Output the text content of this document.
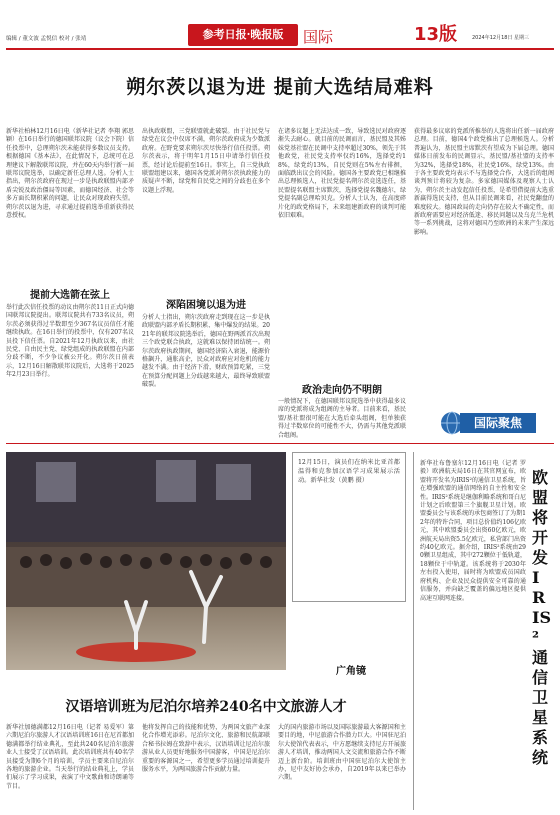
编辑 / 董文波 孟悦信 校对 / 张靖	参考日报·晚报版	国际	13版	2024年12月18日 星期三
朔尔茨以退为进 提前大选结局难料
新华社柏林12月16日电（新华社记者 李翔 郭思颖）在16日举行的德国联邦议院（议会下院）信任投票中，总理朔尔茨未能获得多数议员支持。根据德国《基本法》，在此情况下，总统可在总理建议下解散联邦议院，并在60天内举行新一届联邦议院选举，以确定新任总理人选。分析人士指出，朔尔茨政府在现过一步是执政联盟内部矛盾尖锐及政治僵局等因素，而德国经济、社会等多方面长期积累的问题，让民众对现政府失望。朔尔茨以退为进，寻求通过提前选举重新获得民意授权。
提前大选箭在弦上
举行此次信任投票的动议由朔尔茨11日正式向德国联邦议院提出。联邦议院共有733名议员，朔尔茨必须获得过半数即至少367名议员信任才能继续执政。在16日举行的投票中，仅有207名议员投下信任票。自2021年12月执政以来，由社民党、自由民主党、绿党组成的执政联盟在内部分歧不断，不少争议被公开化。朔尔茨日前表示，12月16日解散联邦议院后，大选将于2025年2月23日举行。
出执政联盟，三党联盟就此破裂。由于社民党与绿党在议会中仅席不满，朔尔茨政府成为少数派政府。在野党要求朔尔茨尽快举行信任投票。朔尔茨表示，将于明年1月15日申请举行信任投票，经讨论后提前至16日。事实上，自三党执政联盟组建以来，德国各党派对朔尔茨执政能力的质疑声不断，绿党和自民党之间的分歧也在多个议题上浮现。
深陷困境以退为进
分析人士指出，朔尔茨政府走到现在这一步是执政联盟内部矛盾长期积累、集中爆发的结果。2021年的联邦议院选举后，德国在野两派首次出现三个政党联合执政，这就难以保持团结统一。朔尔茨政府执政期间，德国经济陷入衰退，能源价格飙升，通胀高企，民众对政府应对危机的能力越发不满。由于经济下滑，财政预算吃紧，三党在预算分配问题上分歧越来越大，最终导致联盟破裂。
在诸多议题上无法达成一致，导致选民对政府逐渐失去耐心。就目前的民调而言，基民盟及其姊妹党基社盟在民调中支持率超过30%，领先于其他政党，社民党支持率仅约16%，选择党约18%，绿党约13%，自民党则在5%左右徘徊，面临跌出议会的风险。德国各主要政党已相继推出总理候选人，社民党提名朔尔茨竞选连任，基民盟提名联盟主席默茨，选择党提名魏德尔，绿党提名副总理哈贝克。分析人士认为，在高度碎片化的政党格局下，未来组建新政府的谈判可能依旧艰难。
政治走向仍不明朗
一般情况下，在德国联邦议院选举中获得最多议席的党派将成为组阁的主导者。目前来看，基民盟/基社盟很可能在大选后牵头组阁，但单独获得过半数席位的可能性不大，仍需与其他党派联合组阁。
获得最多议席的党派所推举的人选将出任新一届政府总理。目前，德国4个政党推出了总理候选人。分析普遍认为，基民盟主席默茨有望成为下届总理。德国媒体日前发布的民调显示，基民盟/基社盟的支持率为32%，选择党18%，社民党16%，绿党13%。由于各主要政党均表示不与选择党合作，大选后的组阁谈判预计将较为复杂。多家德国媒体及观察人士认为，朔尔茨主动发起信任投票，是希望借提前大选重新赢得选民支持，但从目前民调来看，社民党翻盘的难度较大。德国政局的走向仍存在较大不确定性，而新政府需要应对经济低迷、移民问题以及乌克兰危机等一系列挑战，这将对德国乃至欧洲的未来产生深远影响。
国际聚焦
12月15日，演员们在纳米比亚首都温得和克参加汉语学习成果展示活动。新华社发（黄鹏 摄）
广角镜
新华社布鲁塞尔12月16日电（记者 罗毅）欧洲航天局16日在其官网宣布，欧盟将开发名为IRIS²的通信卫星系统，旨在增强欧盟的通信网络的自主性和安全性。IRIS²系统是继伽利略系统和哥白尼计划之后欧盟第三个旗舰卫星计划。欧盟委员会与该系统的承包商签订了为期12年的特许合同，项目总价值约106亿欧元，其中欧盟委员会出资60亿欧元，欧洲航天局出资5.5亿欧元，私营部门出资约40亿欧元。据介绍，IRIS²系统由290颗卫星组成，其中272颗位于低轨道，18颗位于中轨道。该系统将于2030年左右投入使用，届时将为欧盟成员国政府机构、企业及民众提供安全可靠的通信服务，并向缺乏覆盖的偏远地区提供高速互联网连接。
欧盟将开发IRIS²通信卫星系统
汉语培训班为尼泊尔培养240名中文旅游人才
新华社加德满都12月16日电（记者 易爱军）第六期尼泊尔旅游人才汉语培训班16日在尼首都加德满都举行结业典礼，至此共240名尼泊尔旅游业人士接受了汉语培训。此次培训班共有40名学员接受为期6个月的培训，学员主要来自尼泊尔各地的旅游企业。当天举行的结业典礼上，学员们展示了学习成果，表演了中文歌曲和诗朗诵等节目。
他将发挥自己的技能和优势，为两国文旅产业深化合作增光添彩。尼泊尔文化、旅游和民航部联合秘书拉姆在致辞中表示，汉语培训让尼泊尔旅游从业人员更好地服务中国游客，中国是尼泊尔重要的客源国之一，希望更多学员通过培训提升服务水平，为两国旅游合作贡献力量。
大的国内旅游市场以及国际旅游最大客源国和主要目的地，中尼旅游合作潜力巨大。中国驻尼泊尔大使馆代表表示，中方愿继续支持尼方开展旅游人才培训，推动两国人文交流和旅游合作不断迈上新台阶。培训班由中国驻尼泊尔大使馆主办，尼中友好协会承办，自2019年以来已举办六期。
